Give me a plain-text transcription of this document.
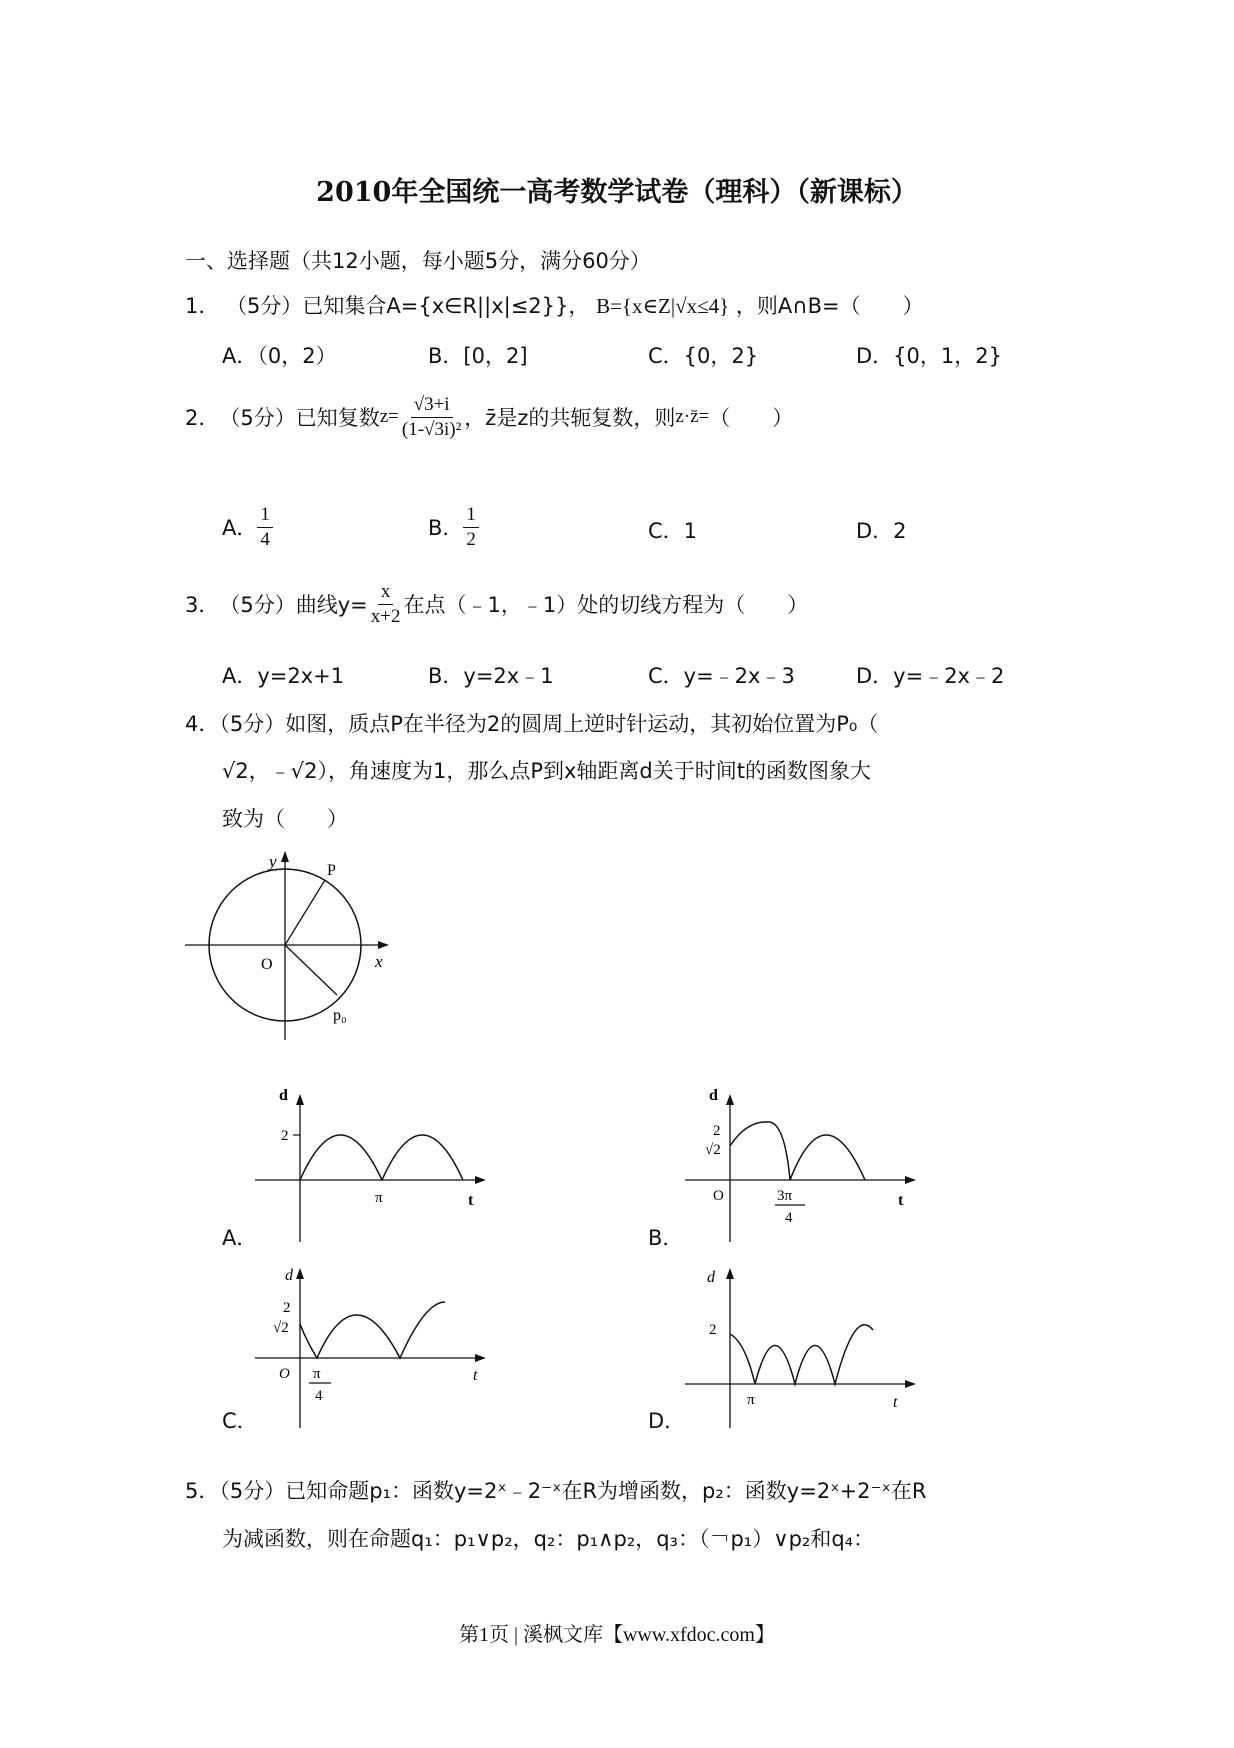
2010年全国统一高考数学试卷（理科）（新课标）
一、选择题（共12小题，每小题5分，满分60分）
1． （5分）已知集合A={x∈R||x|≤2}}， B={x∈Z|√x≤4} ，则A∩B=（　　）
A．（0，2）	B．[0，2]	C．{0，2}	D．{0，1，2}
2． （5分）已知复数 $z= \frac{√3+i}{\text{(1-√3i)²}}$ ，z̄是z的共轭复数，则 z·z̄= （　　）
A． $\frac{1}{4}$	B． $\frac{1}{2}$	C．1	D．2
3． （5分）曲线$y= \frac{x}{x+2}$ 在点（﹣1，﹣1）处的切线方程为（　　）
A．y=2x+1	B．y=2x﹣1	C．y=﹣2x﹣3	D．y=﹣2x﹣2
4．（5分）如图，质点P在半径为2的圆周上逆时针运动，其初始位置为P₀（
√2，﹣√2），角速度为1，那么点P到x轴距离d关于时间t的函数图象大
致为（　　）
y
x
O
P
p₀
d
2
π	t
A．
d
2
√2
O	3π
4
t
B．
d
2
√2
O π
4
t
C．
d
2
π	t
D．
5．（5分）已知命题p₁：函数y=2ˣ﹣2⁻ˣ在R为增函数，p₂：函数y=2ˣ+2⁻ˣ在R
为减函数，则在命题q₁：p₁∨p₂，q₂：p₁∧p₂，q₃：（￢p₁）∨p₂和q₄：
第1页 | 溪枫文库【www.xfdoc.com】
